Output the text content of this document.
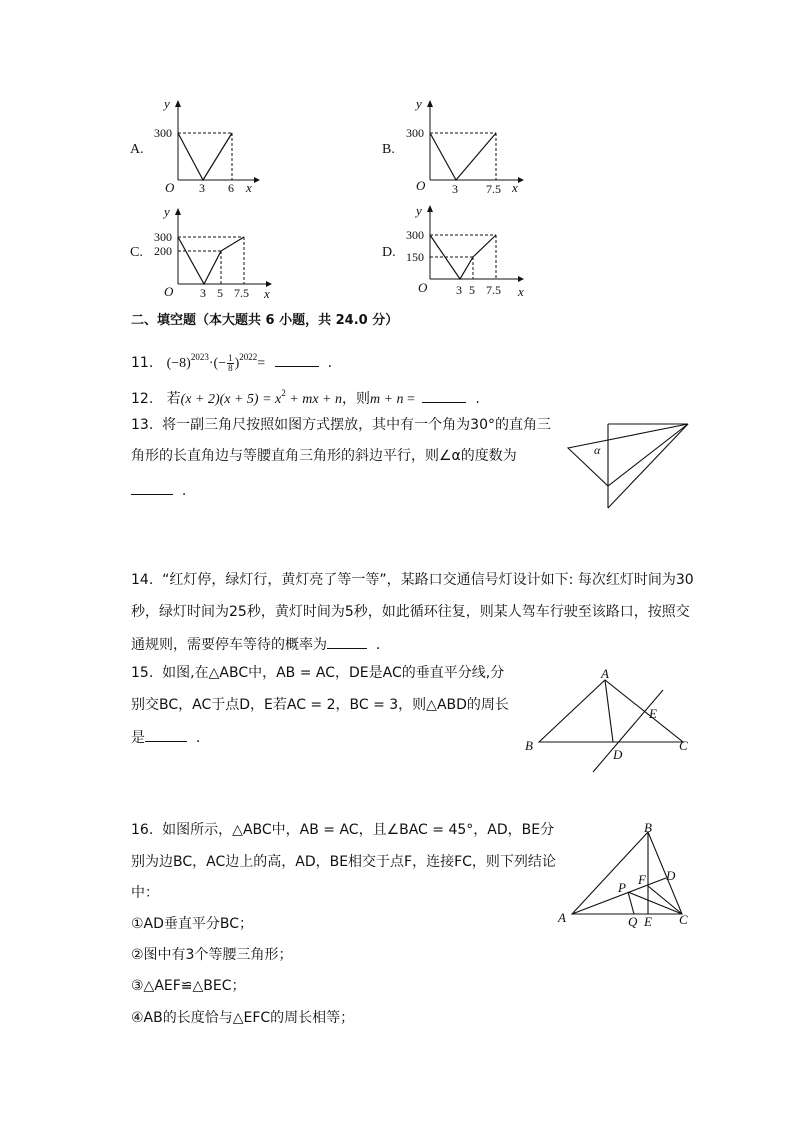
A.
y
x
O
300
3 6
B.
y
x
O
300
3 7.5
C.
y
x
O
300
200
3 5 7.5
D.
y
x
O
300
150
3 5 7.5
二、填空题（本大题共 6 小题，共 24.0 分）
11. $(-8)^{2023}\cdot(- \frac{1}{8} )^{2022}=$	.
12. 若$(x + 2)(x + 5) = x^2$ + mx + n，则m + n =	.
13. 将一副三角尺按照如图方式摆放，其中有一个角为30°的直角三
角形的长直角边与等腰直角三角形的斜边平行，则∠α的度数为
.
α
14. “红灯停，绿灯行，黄灯亮了等一等”，某路口交通信号灯设计如下: 每次红灯时间为30
秒，绿灯时间为25秒，黄灯时间为5秒，如此循环往复，则某人驾车行驶至该路口，按照交
通规则，需要停车等待的概率为	.
15. 如图,在△ABC中，AB = AC，DE是AC的垂直平分线,分
别交BC，AC于点D，E若AC = 2，BC = 3，则△ABD的周长
是	.
A
B	C
D
E
16. 如图所示，△ABC中，AB = AC，且∠BAC = 45°，AD，BE分
别为边BC，AC边上的高，AD，BE相交于点F，连接FC，则下列结论
中：
①AD垂直平分BC；
②图中有3个等腰三角形；
③△AEF≌△BEC；
④AB的长度恰与△EFC的周长相等；
B
A	C
D
E
F
P
Q
